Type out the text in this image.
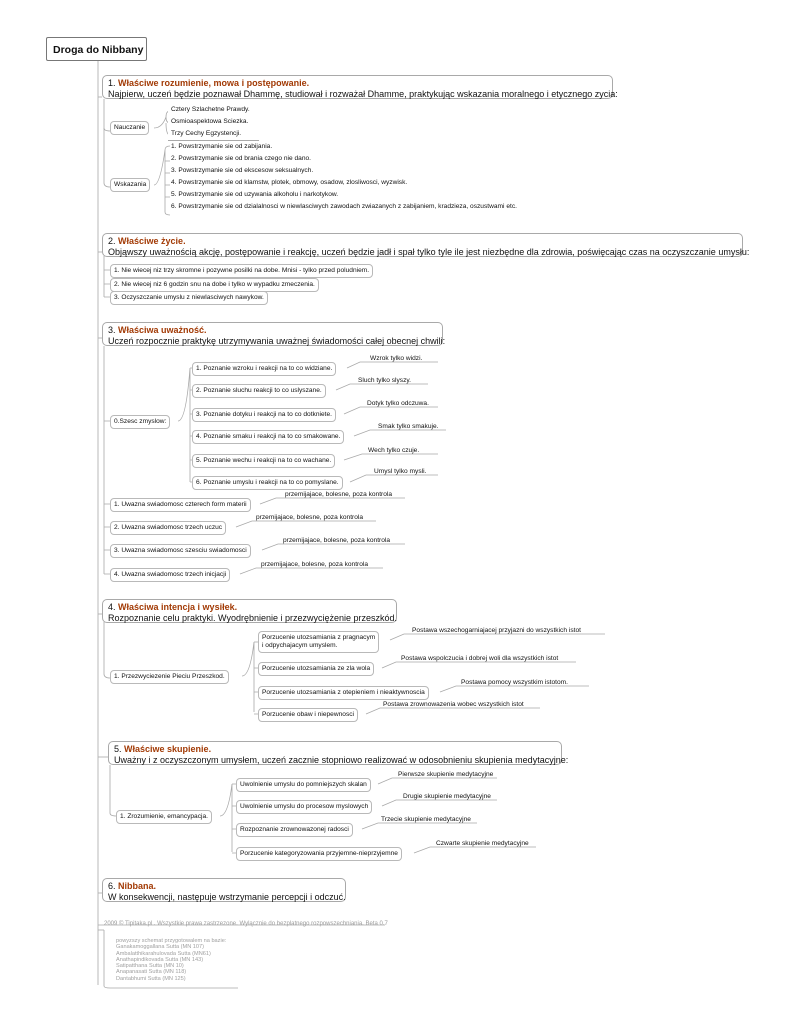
Droga do Nibbany
1. Właściwe rozumienie, mowa i postępowanie.
Najpierw, uczeń będzie poznawał Dhammę, studiował i rozważał Dhamme, praktykując wskazania moralnego i etycznego zycia:
2. Właściwe życie.
Objąwszy uważnością akcję, postępowanie i reakcję, uczeń będzie jadł i spał tylko tyle ile jest niezbędne dla zdrowia, poświęcając czas na oczyszczanie umysłu:
3. Właściwa uważność.
Uczeń rozpocznie praktykę utrzymywania uważnej świadomości całej obecnej chwili:
4. Właściwa intencja i wysiłek.
Rozpoznanie celu praktyki. Wyodrębnienie i przezwyciężenie przeszkód.
5. Właściwe skupienie.
Uważny i z oczyszczonym umysłem, uczeń zacznie stopniowo realizować w odosobnieniu skupienia medytacyjne:
6. Nibbana.
W konsekwencji, następuje wstrzymanie percepcji i odczuć.
Nauczanie
Cztery Szlachetne Prawdy.
Osmioaspektowa Sciezka.
Trzy Cechy Egzystencji.
Wskazania
1. Powstrzymanie sie od zabijania.
2. Powstrzymanie sie od brania czego nie dano.
3. Powstrzymanie sie od ekscesow seksualnych.
4. Powstrzymanie sie od klamstw, plotek, obmowy, osadow, zlosliwosci, wyzwisk.
5. Powstrzymanie sie od uzywania alkoholu i narkotykow.
6. Powstrzymanie sie od dzialalnosci w niewlasciwych zawodach zwiazanych z zabijaniem, kradzieza, oszustwami etc.
1. Nie wiecej niz trzy skromne i pozywne posilki na dobe. Mnisi - tylko przed poludniem.
2. Nie wiecej niz 6 godzin snu na dobe i tylko w wypadku zmeczenia.
3. Oczyszczanie umyslu z niewlasciwych nawykow.
0.Szesc zmyslow:
1. Poznanie wzroku i reakcji na to co widziane.
2. Poznanie sluchu reakcji to co uslyszane.
3. Poznanie dotyku i reakcji na to co dotkniete.
4. Poznanie smaku i reakcji na to co smakowane.
5. Poznanie wechu i reakcji na to co wachane.
6. Poznanie umyslu i reakcji na to co pomyslane.
Wzrok tylko widzi.
Sluch tylko slyszy.
Dotyk tylko odczuwa.
Smak tylko smakuje.
Wech tylko czuje.
Umysl tylko mysli.
1. Uwazna swiadomosc czterech form materii
2. Uwazna swiadomosc trzech uczuc
3. Uwazna swiadomosc szesciu swiadomosci
4. Uwazna swiadomosc trzech inicjacji
przemijajace, bolesne, poza kontrola
przemijajace, bolesne, poza kontrola
przemijajace, bolesne, poza kontrola
przemijajace, bolesne, poza kontrola
1. Przezwyciezenie Pieciu Przeszkod.
Porzucenie utozsamiania z pragnacym
i odpychajacym umyslem.
Porzucenie utozsamiania ze zla wola
Porzucenie utozsamiania z otepieniem i nieaktywnoscia
Porzucenie obaw i niepewnosci
Postawa wszechogarniajacej przyjazni do wszystkich istot
Postawa wspolczucia i dobrej woli dla wszystkich istot
Postawa pomocy wszystkim istotom.
Postawa zrownowazenia wobec wszystkich istot
1. Zrozumienie, emancypacja.
Uwolnienie umyslu do pomniejszych skalan
Uwolnienie umyslu do procesow myslowych
Rozpoznanie zrownowazonej radosci
Porzucenie kategoryzowania przyjemne-nieprzyjemne
Pierwsze skupienie medytacyjne
Drugie skupienie medytacyjne
Trzecie skupienie medytacyjne
Czwarte skupienie medytacyjne
2009 © Tipitaka.pl . Wszystkie prawa zastrzezone. Wylącznie do bezplatnego rozpowszechniania. Beta 0.7
powyzszy schemat przygotowalem na bazie:
Ganakamoggallana Sutta (MN 107)
Ambalatthikarahulovada Sutta (MN61)
Anathapindikovada Sutta (MN 143)
Satipatthana Sutta (MN 10)
Anapanasati Sutta (MN 118)
Dantabhumi Sutta (MN 125)
